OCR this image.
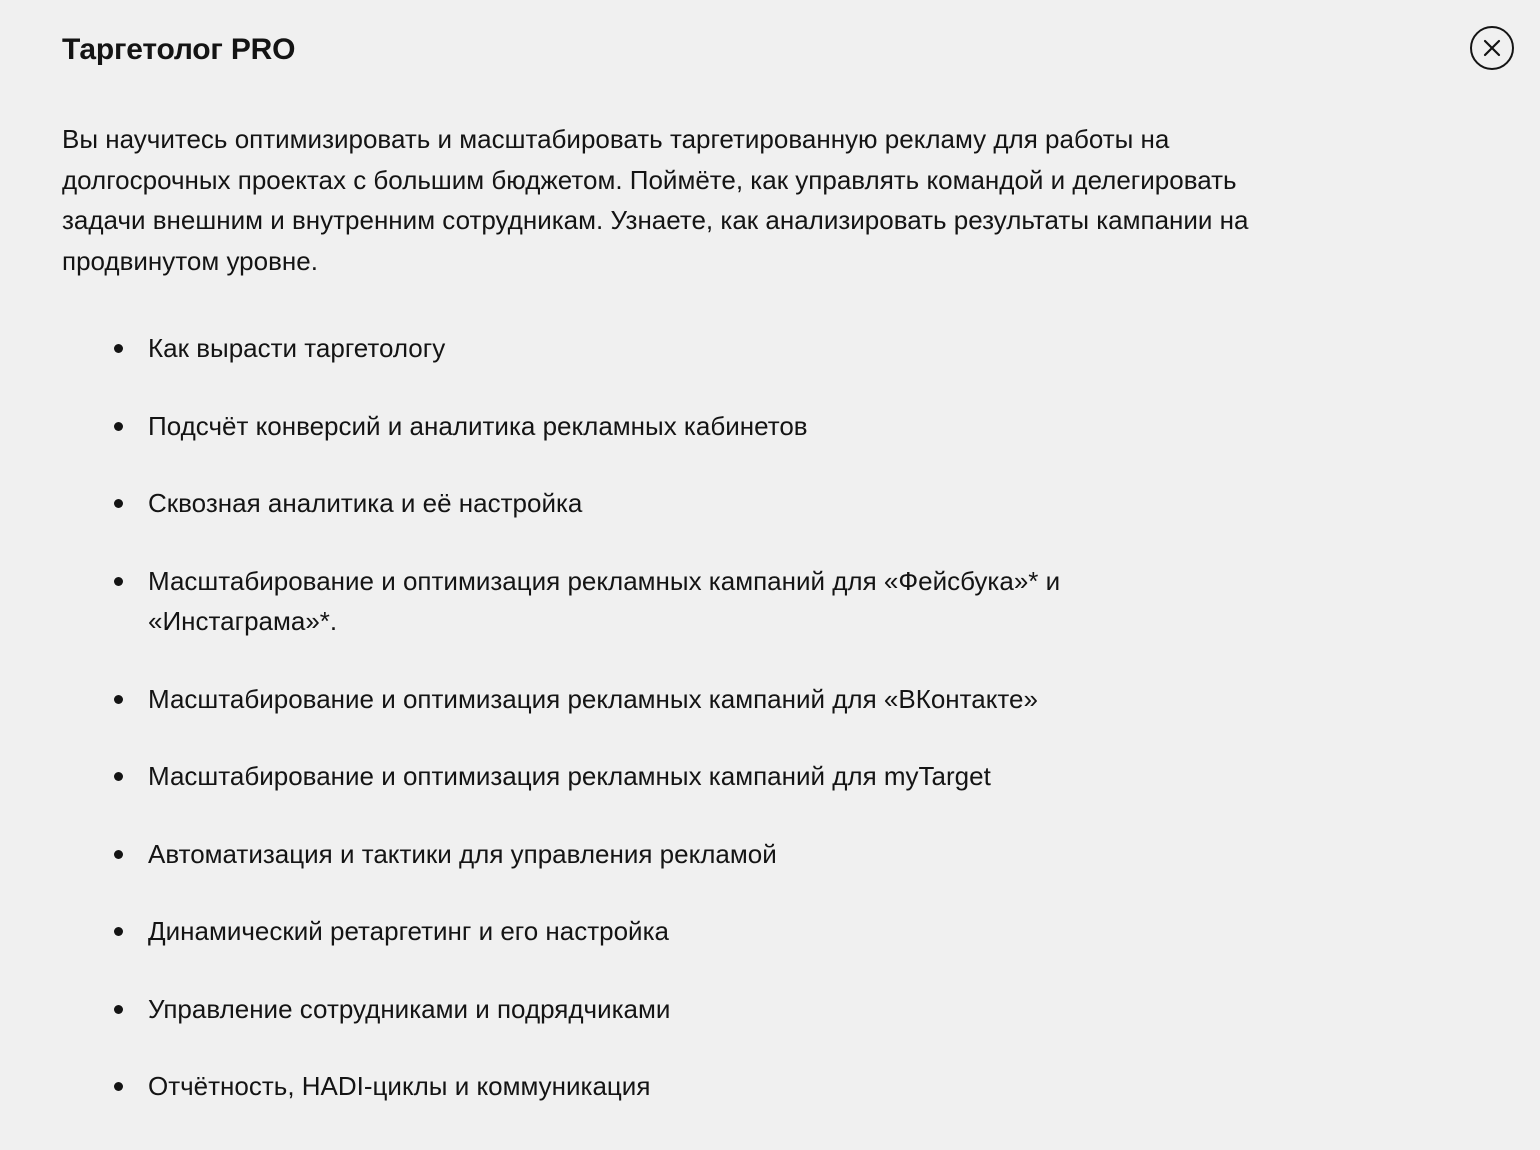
Таргетолог PRO

Вы научитесь оптимизировать и масштабировать таргетированную рекламу для работы на долгосрочных проектах с большим бюджетом. Поймёте, как управлять командой и делегировать задачи внешним и внутренним сотрудникам. Узнаете, как анализировать результаты кампании на продвинутом уровне.

Как вырасти таргетологу
Подсчёт конверсий и аналитика рекламных кабинетов
Сквозная аналитика и её настройка
Масштабирование и оптимизация рекламных кампаний для «Фейсбука»* и «Инстаграма»*.
Масштабирование и оптимизация рекламных кампаний для «ВКонтакте»
Масштабирование и оптимизация рекламных кампаний для myTarget
Автоматизация и тактики для управления рекламой
Динамический ретаргетинг и его настройка
Управление сотрудниками и подрядчиками
Отчётность, HADI-циклы и коммуникация
